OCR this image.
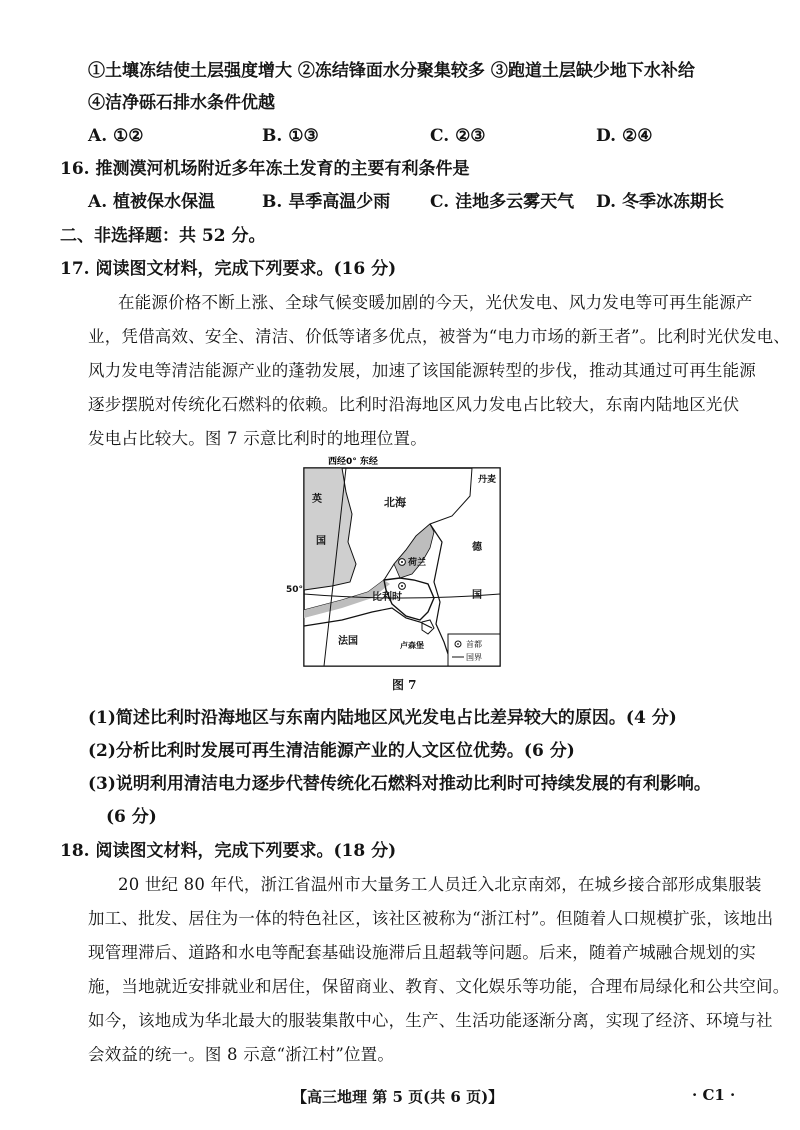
①土壤冻结使土层强度增大 ②冻结锋面水分聚集较多 ③跑道土层缺少地下水补给
④洁净砾石排水条件优越
A. ①②	B. ①③	C. ②③	D. ②④
16. 推测漠河机场附近多年冻土发育的主要有利条件是
A. 植被保水保温	B. 旱季高温少雨 C. 洼地多云雾天气 D. 冬季冰冻期长
二、非选择题：共 52 分。
17. 阅读图文材料，完成下列要求。(16 分)
在能源价格不断上涨、全球气候变暖加剧的今天，光伏发电、风力发电等可再生能源产
业，凭借高效、安全、清洁、价低等诸多优点，被誉为“电力市场的新王者”。比利时光伏发电、
风力发电等清洁能源产业的蓬勃发展，加速了该国能源转型的步伐，推动其通过可再生能源
逐步摆脱对传统化石燃料的依赖。比利时沿海地区风力发电占比较大，东南内陆地区光伏
发电占比较大。图 7 示意比利时的地理位置。
西经0° 东经
北海
英
国
丹麦
德
国
荷兰
比利时
法国	卢森堡	首都
国界
50°
图 7
(1)简述比利时沿海地区与东南内陆地区风光发电占比差异较大的原因。(4 分)
(2)分析比利时发展可再生清洁能源产业的人文区位优势。(6 分)
(3)说明利用清洁电力逐步代替传统化石燃料对推动比利时可持续发展的有利影响。
(6 分)
18. 阅读图文材料，完成下列要求。(18 分)
20 世纪 80 年代，浙江省温州市大量务工人员迁入北京南郊，在城乡接合部形成集服装
加工、批发、居住为一体的特色社区，该社区被称为“浙江村”。但随着人口规模扩张，该地出
现管理滞后、道路和水电等配套基础设施滞后且超载等问题。后来，随着产城融合规划的实
施，当地就近安排就业和居住，保留商业、教育、文化娱乐等功能，合理布局绿化和公共空间。
如今，该地成为华北最大的服装集散中心，生产、生活功能逐渐分离，实现了经济、环境与社
会效益的统一。图 8 示意“浙江村”位置。
【高三地理 第 5 页(共 6 页)】	· C1 ·
